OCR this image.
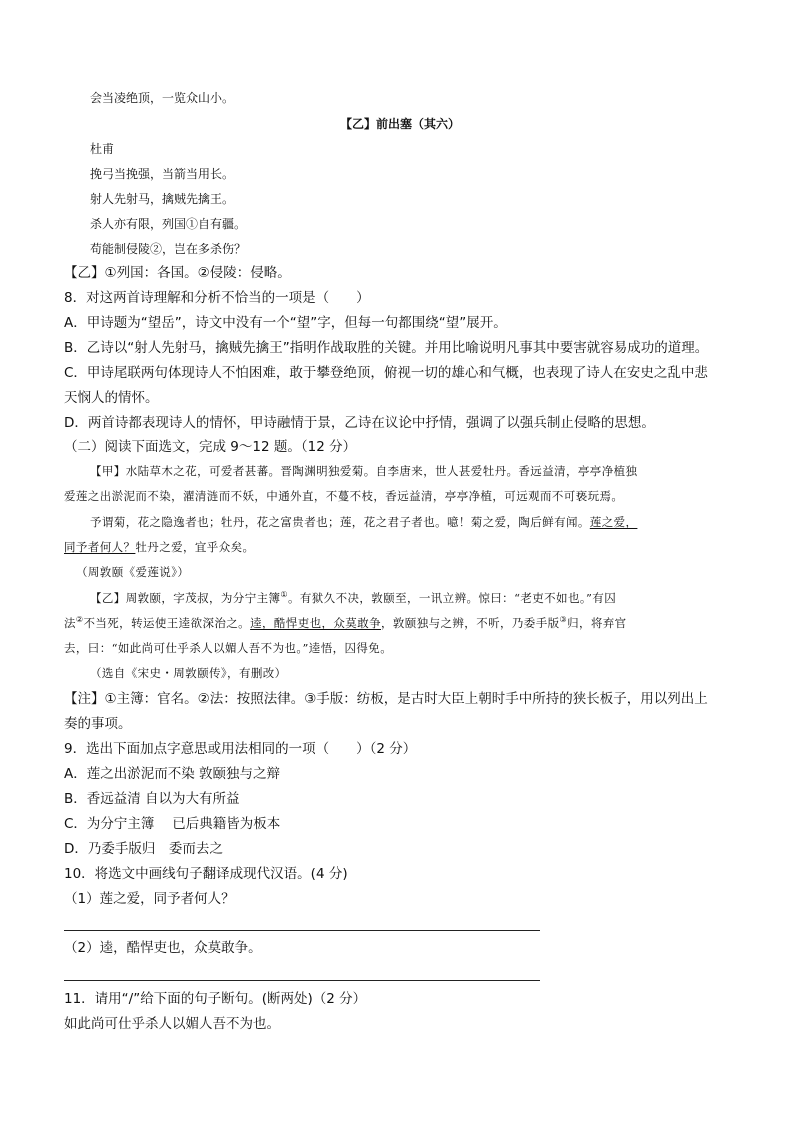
会当凌绝顶，一览众山小。
【乙】前出塞（其六）
杜甫
挽弓当挽强，当箭当用长。
射人先射马，擒贼先擒王。
杀人亦有限，列国①自有疆。
苟能制侵陵②，岂在多杀伤？
【乙】①列国：各国。②侵陵：侵略。
8．对这两首诗理解和分析不恰当的一项是（　　）
A．甲诗题为“望岳”，诗文中没有一个“望”字，但每一句都围绕“望”展开。
B．乙诗以“射人先射马，擒贼先擒王”指明作战取胜的关键。并用比喻说明凡事其中要害就容易成功的道理。
C．甲诗尾联两句体现诗人不怕困难，敢于攀登绝顶，俯视一切的雄心和气概，也表现了诗人在安史之乱中悲
天悯人的情怀。
D．两首诗都表现诗人的情怀，甲诗融情于景，乙诗在议论中抒情，强调了以强兵制止侵略的思想。
（二）阅读下面选文，完成 9～12 题。（12 分）
【甲】水陆草木之花，可爱者甚蕃。晋陶渊明独爱菊。自李唐来，世人甚爱牡丹。香远益清，亭亭净植独
爱莲之出淤泥而不染，濯清涟而不妖，中通外直，不蔓不枝，香远益清，亭亭净植，可远观而不可亵玩焉。
予谓菊，花之隐逸者也；牡丹，花之富贵者也；莲，花之君子者也。噫！菊之爱，陶后鲜有闻。莲之爱，
同予者何人？牡丹之爱，宜乎众矣。
（周敦颐《爱莲说》）
【乙】周敦颐，字茂叔，为分宁主簿①。有狱久不决，敦颐至，一讯立辨。惊曰：“老吏不如也。”有囚
法②不当死，转运使王逵欲深治之。逵，酷悍吏也，众莫敢争，敦颐独与之辨，不听，乃委手版③归，将弃官
去，曰：“如此尚可仕乎杀人以媚人吾不为也。”逵悟，囚得免。
（选自《宋史・周敦颐传》，有删改）
【注】①主簿：官名。②法：按照法律。③手版：纺板，是古时大臣上朝时手中所持的狭长板子，用以列出上
奏的事项。
9．选出下面加点字意思或用法相同的一项（　　）（2 分）
A．莲之出淤泥而不染 敦颐独与之辩
B．香远益清 自以为大有所益
C．为分宁主簿　 已后典籍皆为板本
D．乃委手版归　委而去之
10．将选文中画线句子翻译成现代汉语。(4 分)
（1）莲之爱，同予者何人？
（2）逵，酷悍吏也，众莫敢争。
11．请用“/”给下面的句子断句。(断两处)（2 分）
如此尚可仕乎杀人以媚人吾不为也。
